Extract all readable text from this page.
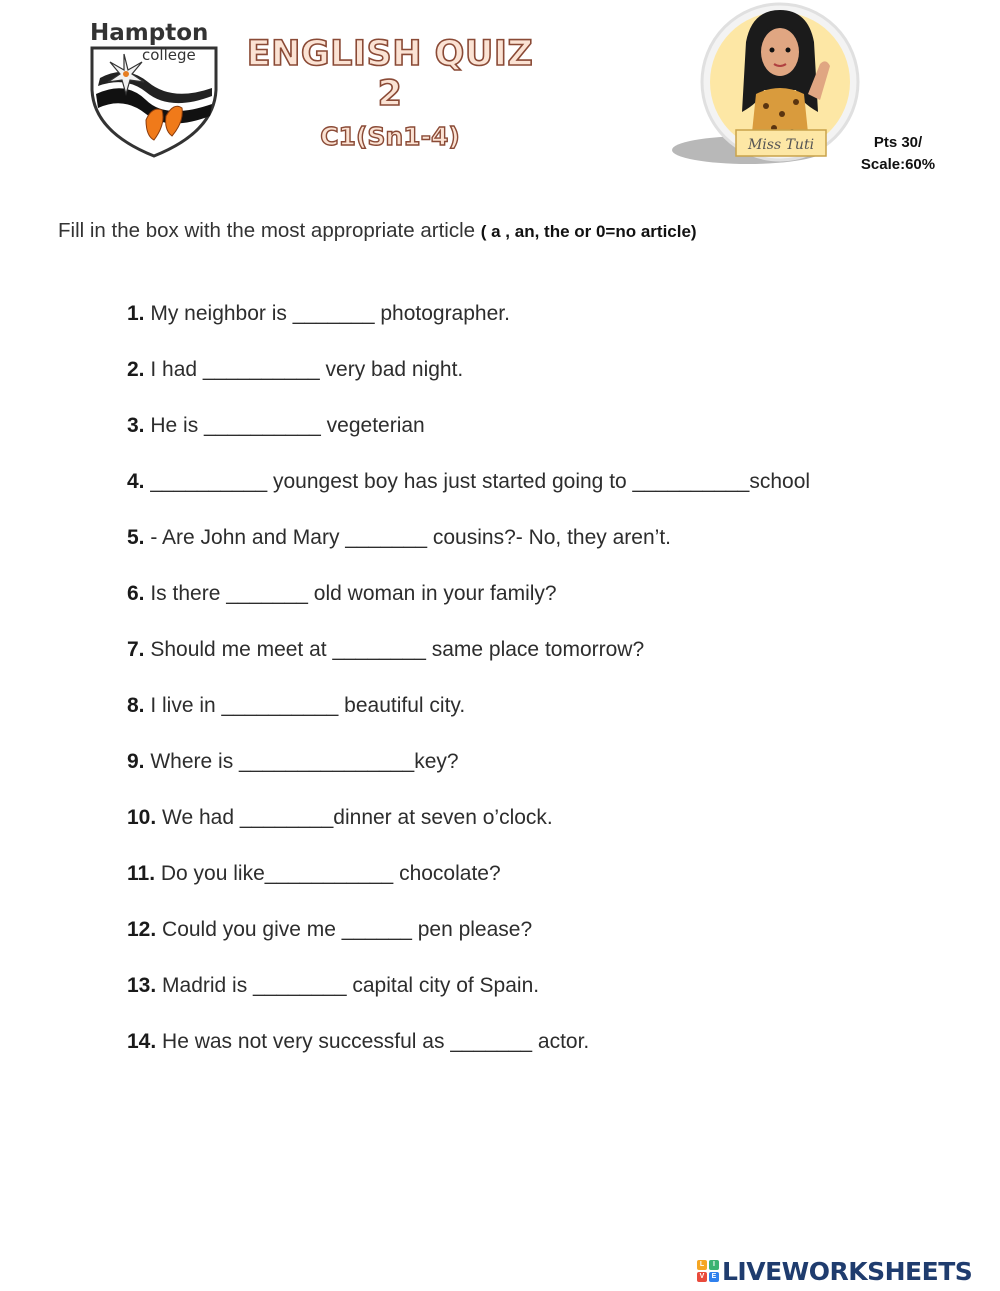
Hampton
college	ENGLISH QUIZ 2
C1(Sn1-4)	Miss Tuti	Pts 30/
Scale:60%
Fill in the box with the most appropriate article ( a , an, the or 0=no article)
1. My neighbor is _______ photographer.
2. I had __________ very bad night.
3. He is __________ vegeterian
4. __________ youngest boy has just started going to __________school
5. - Are John and Mary _______ cousins?- No, they aren’t.
6. Is there _______ old woman in your family?
7. Should me meet at ________ same place tomorrow?
8. I live in __________ beautiful city.
9. Where is _______________key?
10. We had ________dinner at seven o’clock.
11. Do you like___________ chocolate?
12. Could you give me ______ pen please?
13. Madrid is ________ capital city of Spain.
14. He was not very successful as _______ actor.
L	I
V	E LIVEWORKSHEETS
